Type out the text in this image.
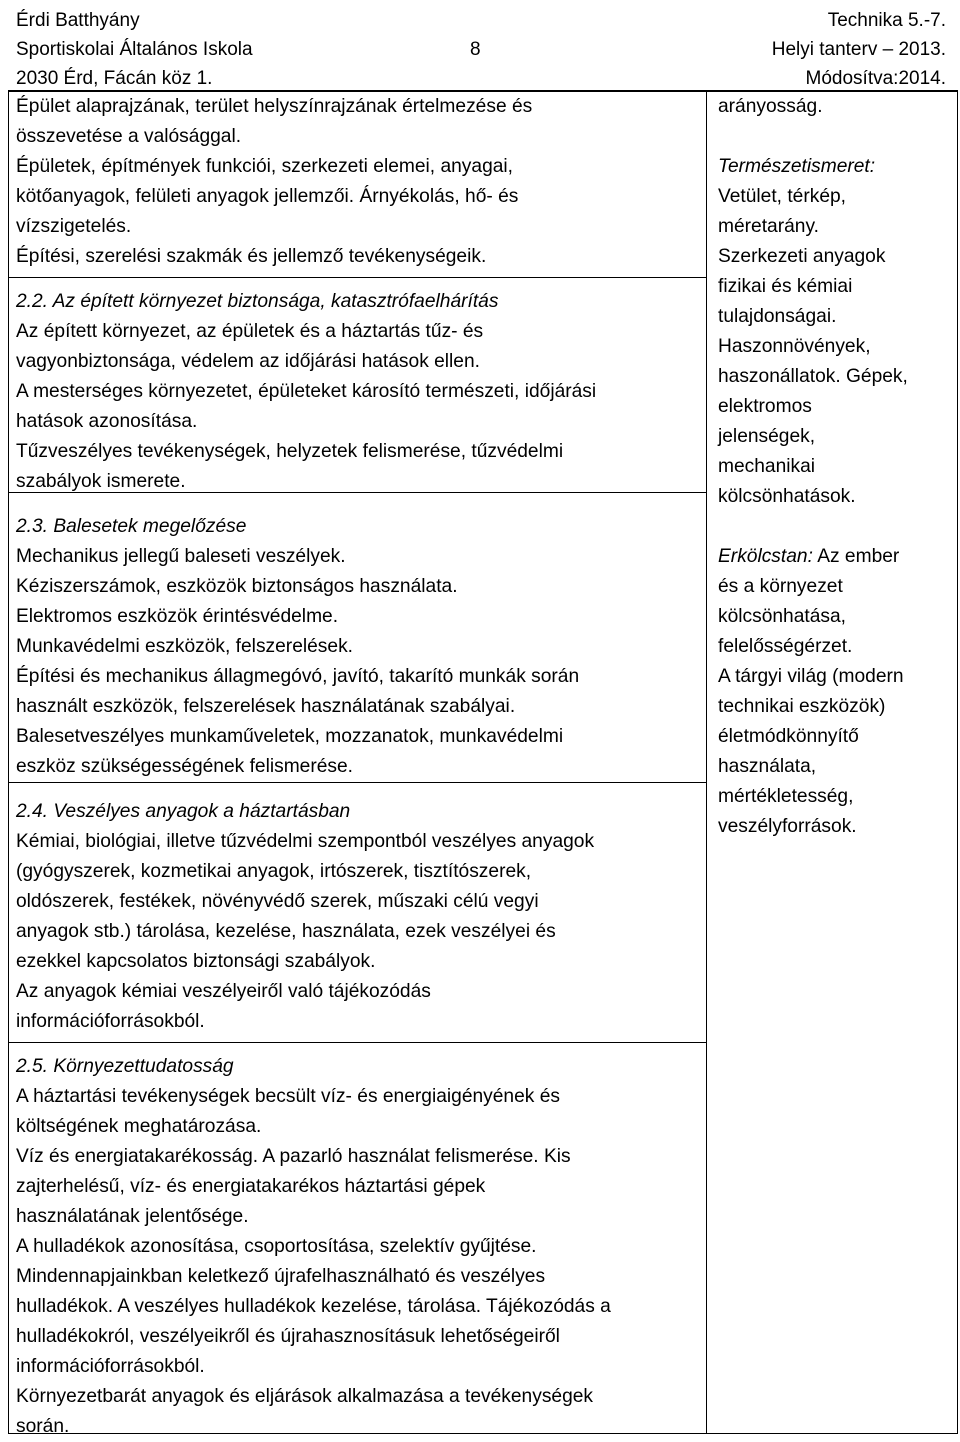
Érdi Batthyány
Sportiskolai Általános Iskola
2030 Érd, Fácán köz 1.
8
Technika 5.-7.
Helyi tanterv – 2013.
Módosítva:2014.
Épület alaprajzának, terület helyszínrajzának értelmezése és
összevetése a valósággal.
Épületek, építmények funkciói, szerkezeti elemei, anyagai,
kötőanyagok, felületi anyagok jellemzői. Árnyékolás, hő- és
vízszigetelés.
Építési, szerelési szakmák és jellemző tevékenységeik.
2.2. Az épített környezet biztonsága, katasztrófaelhárítás
Az épített környezet, az épületek és a háztartás tűz- és
vagyonbiztonsága, védelem az időjárási hatások ellen.
A mesterséges környezetet, épületeket károsító természeti, időjárási
hatások azonosítása.
Tűzveszélyes tevékenységek, helyzetek felismerése, tűzvédelmi
szabályok ismerete.
2.3. Balesetek megelőzése
Mechanikus jellegű baleseti veszélyek.
Kéziszerszámok, eszközök biztonságos használata.
Elektromos eszközök érintésvédelme.
Munkavédelmi eszközök, felszerelések.
Építési és mechanikus állagmegóvó, javító, takarító munkák során
használt eszközök, felszerelések használatának szabályai.
Balesetveszélyes munkaműveletek, mozzanatok, munkavédelmi
eszköz szükségességének felismerése.
2.4. Veszélyes anyagok a háztartásban
Kémiai, biológiai, illetve tűzvédelmi szempontból veszélyes anyagok
(gyógyszerek, kozmetikai anyagok, irtószerek, tisztítószerek,
oldószerek, festékek, növényvédő szerek, műszaki célú vegyi
anyagok stb.) tárolása, kezelése, használata, ezek veszélyei és
ezekkel kapcsolatos biztonsági szabályok.
Az anyagok kémiai veszélyeiről való tájékozódás
információforrásokból.
2.5. Környezettudatosság
A háztartási tevékenységek becsült víz- és energiaigényének és
költségének meghatározása.
Víz és energiatakarékosság. A pazarló használat felismerése. Kis
zajterhelésű, víz- és energiatakarékos háztartási gépek
használatának jelentősége.
A hulladékok azonosítása, csoportosítása, szelektív gyűjtése.
Mindennapjainkban keletkező újrafelhasználható és veszélyes
hulladékok. A veszélyes hulladékok kezelése, tárolása. Tájékozódás a
hulladékokról, veszélyeikről és újrahasznosításuk lehetőségeiről
információforrásokból.
Környezetbarát anyagok és eljárások alkalmazása a tevékenységek
során.
arányosság.
Természetismeret:
Vetület, térkép,
méretarány.
Szerkezeti anyagok
fizikai és kémiai
tulajdonságai.
Haszonnövények,
haszonállatok. Gépek,
elektromos
jelenségek,
mechanikai
kölcsönhatások.
Erkölcstan: Az ember
és a környezet
kölcsönhatása,
felelősségérzet.
A tárgyi világ (modern
technikai eszközök)
életmódkönnyítő
használata,
mértékletesség,
veszélyforrások.
